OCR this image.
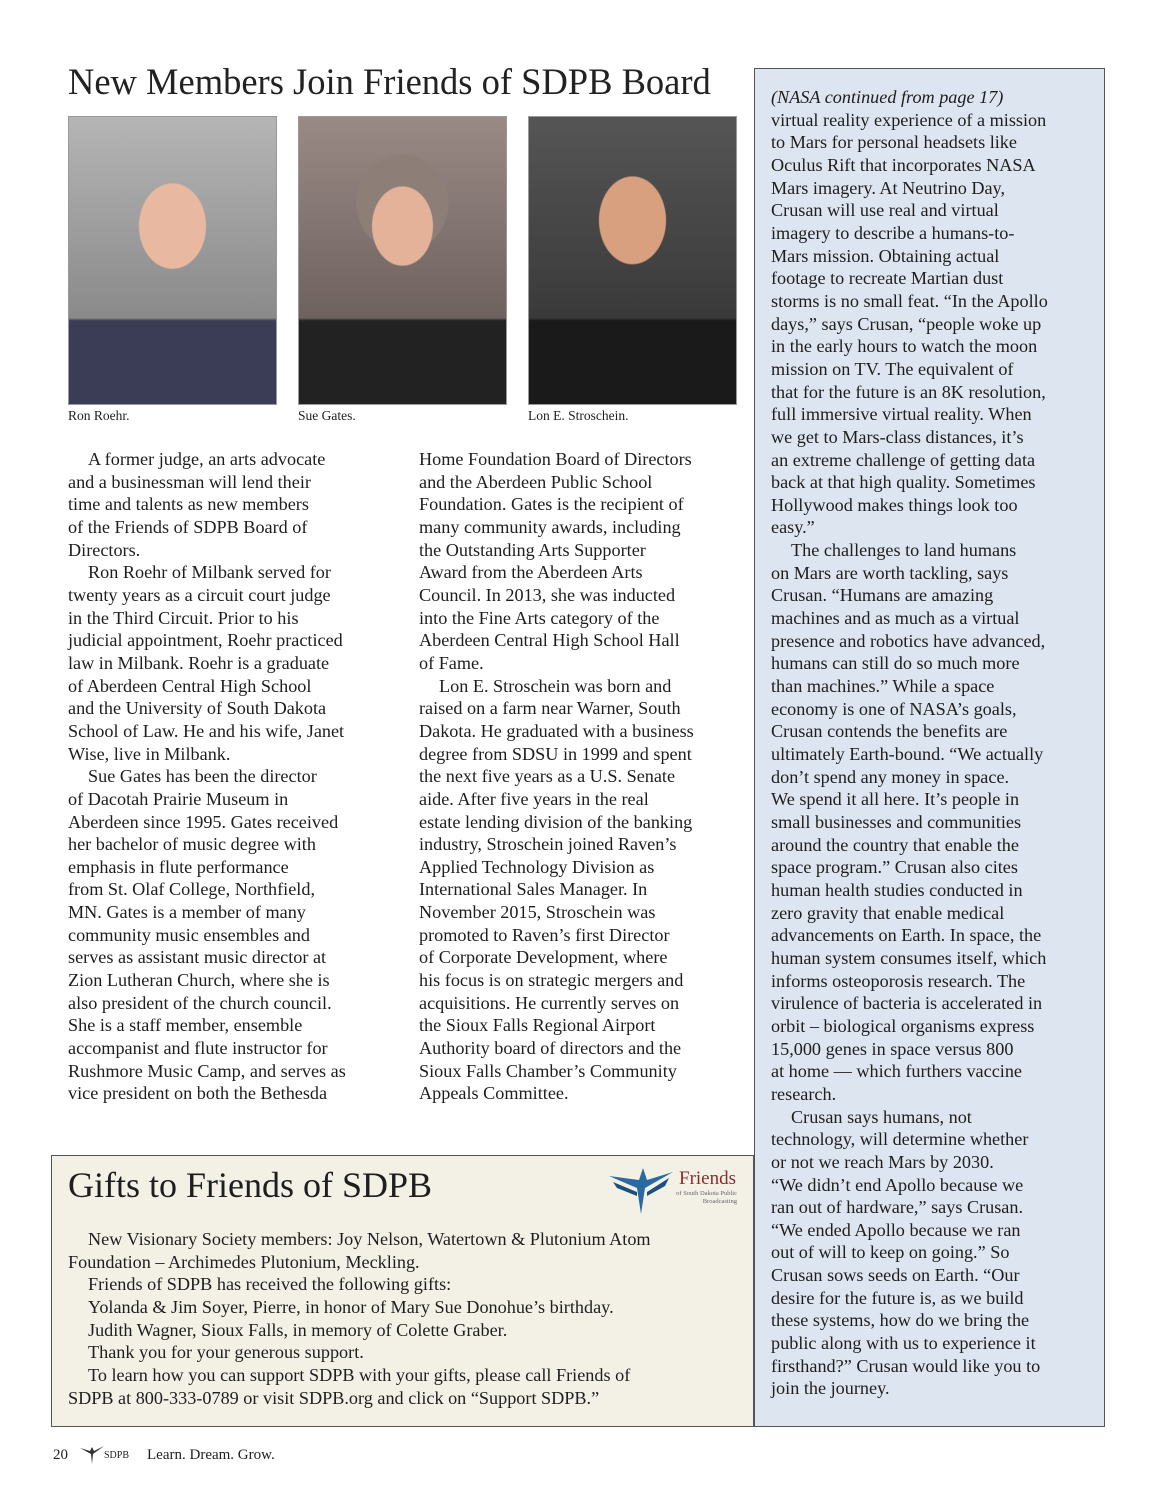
New Members Join Friends of SDPB Board
Ron Roehr.	Sue Gates.	Lon E. Stroschein.
A former judge, an arts advocate
and a businessman will lend their
time and talents as new members
of the Friends of SDPB Board of
Directors.
Ron Roehr of Milbank served for
twenty years as a circuit court judge
in the Third Circuit. Prior to his
judicial appointment, Roehr practiced
law in Milbank. Roehr is a graduate
of Aberdeen Central High School
and the University of South Dakota
School of Law. He and his wife, Janet
Wise, live in Milbank.
Sue Gates has been the director
of Dacotah Prairie Museum in
Aberdeen since 1995. Gates received
her bachelor of music degree with
emphasis in flute performance
from St. Olaf College, Northfield,
MN. Gates is a member of many
community music ensembles and
serves as assistant music director at
Zion Lutheran Church, where she is
also president of the church council.
She is a staff member, ensemble
accompanist and flute instructor for
Rushmore Music Camp, and serves as
vice president on both the Bethesda
Home Foundation Board of Directors
and the Aberdeen Public School
Foundation. Gates is the recipient of
many community awards, including
the Outstanding Arts Supporter
Award from the Aberdeen Arts
Council. In 2013, she was inducted
into the Fine Arts category of the
Aberdeen Central High School Hall
of Fame.
Lon E. Stroschein was born and
raised on a farm near Warner, South
Dakota. He graduated with a business
degree from SDSU in 1999 and spent
the next five years as a U.S. Senate
aide. After five years in the real
estate lending division of the banking
industry, Stroschein joined Raven’s
Applied Technology Division as
International Sales Manager. In
November 2015, Stroschein was
promoted to Raven’s first Director
of Corporate Development, where
his focus is on strategic mergers and
acquisitions. He currently serves on
the Sioux Falls Regional Airport
Authority board of directors and the
Sioux Falls Chamber’s Community
Appeals Committee.
(NASA continued from page 17)
virtual reality experience of a mission
to Mars for personal headsets like
Oculus Rift that incorporates NASA
Mars imagery. At Neutrino Day,
Crusan will use real and virtual
imagery to describe a humans-to-
Mars mission. Obtaining actual
footage to recreate Martian dust
storms is no small feat. “In the Apollo
days,” says Crusan, “people woke up
in the early hours to watch the moon
mission on TV. The equivalent of
that for the future is an 8K resolution,
full immersive virtual reality. When
we get to Mars-class distances, it’s
an extreme challenge of getting data
back at that high quality. Sometimes
Hollywood makes things look too
easy.”
The challenges to land humans
on Mars are worth tackling, says
Crusan. “Humans are amazing
machines and as much as a virtual
presence and robotics have advanced,
humans can still do so much more
than machines.” While a space
economy is one of NASA’s goals,
Crusan contends the benefits are
ultimately Earth-bound. “We actually
don’t spend any money in space.
We spend it all here. It’s people in
small businesses and communities
around the country that enable the
space program.” Crusan also cites
human health studies conducted in
zero gravity that enable medical
advancements on Earth. In space, the
human system consumes itself, which
informs osteoporosis research. The
virulence of bacteria is accelerated in
orbit – biological organisms express
15,000 genes in space versus 800
at home — which furthers vaccine
research.
Crusan says humans, not
technology, will determine whether
or not we reach Mars by 2030.
“We didn’t end Apollo because we
ran out of hardware,” says Crusan.
“We ended Apollo because we ran
out of will to keep on going.” So
Crusan sows seeds on Earth. “Our
desire for the future is, as we build
these systems, how do we bring the
public along with us to experience it
firsthand?” Crusan would like you to
join the journey.
Gifts to Friends of SDPB	Friends
of South Dakota Public Broadcasting
New Visionary Society members: Joy Nelson, Watertown & Plutonium Atom
Foundation – Archimedes Plutonium, Meckling.
Friends of SDPB has received the following gifts:
Yolanda & Jim Soyer, Pierre, in honor of Mary Sue Donohue’s birthday.
Judith Wagner, Sioux Falls, in memory of Colette Graber.
Thank you for your generous support.
To learn how you can support SDPB with your gifts, please call Friends of
SDPB at 800-333-0789 or visit SDPB.org and click on “Support SDPB.”
20	SDPB Learn. Dream. Grow.
